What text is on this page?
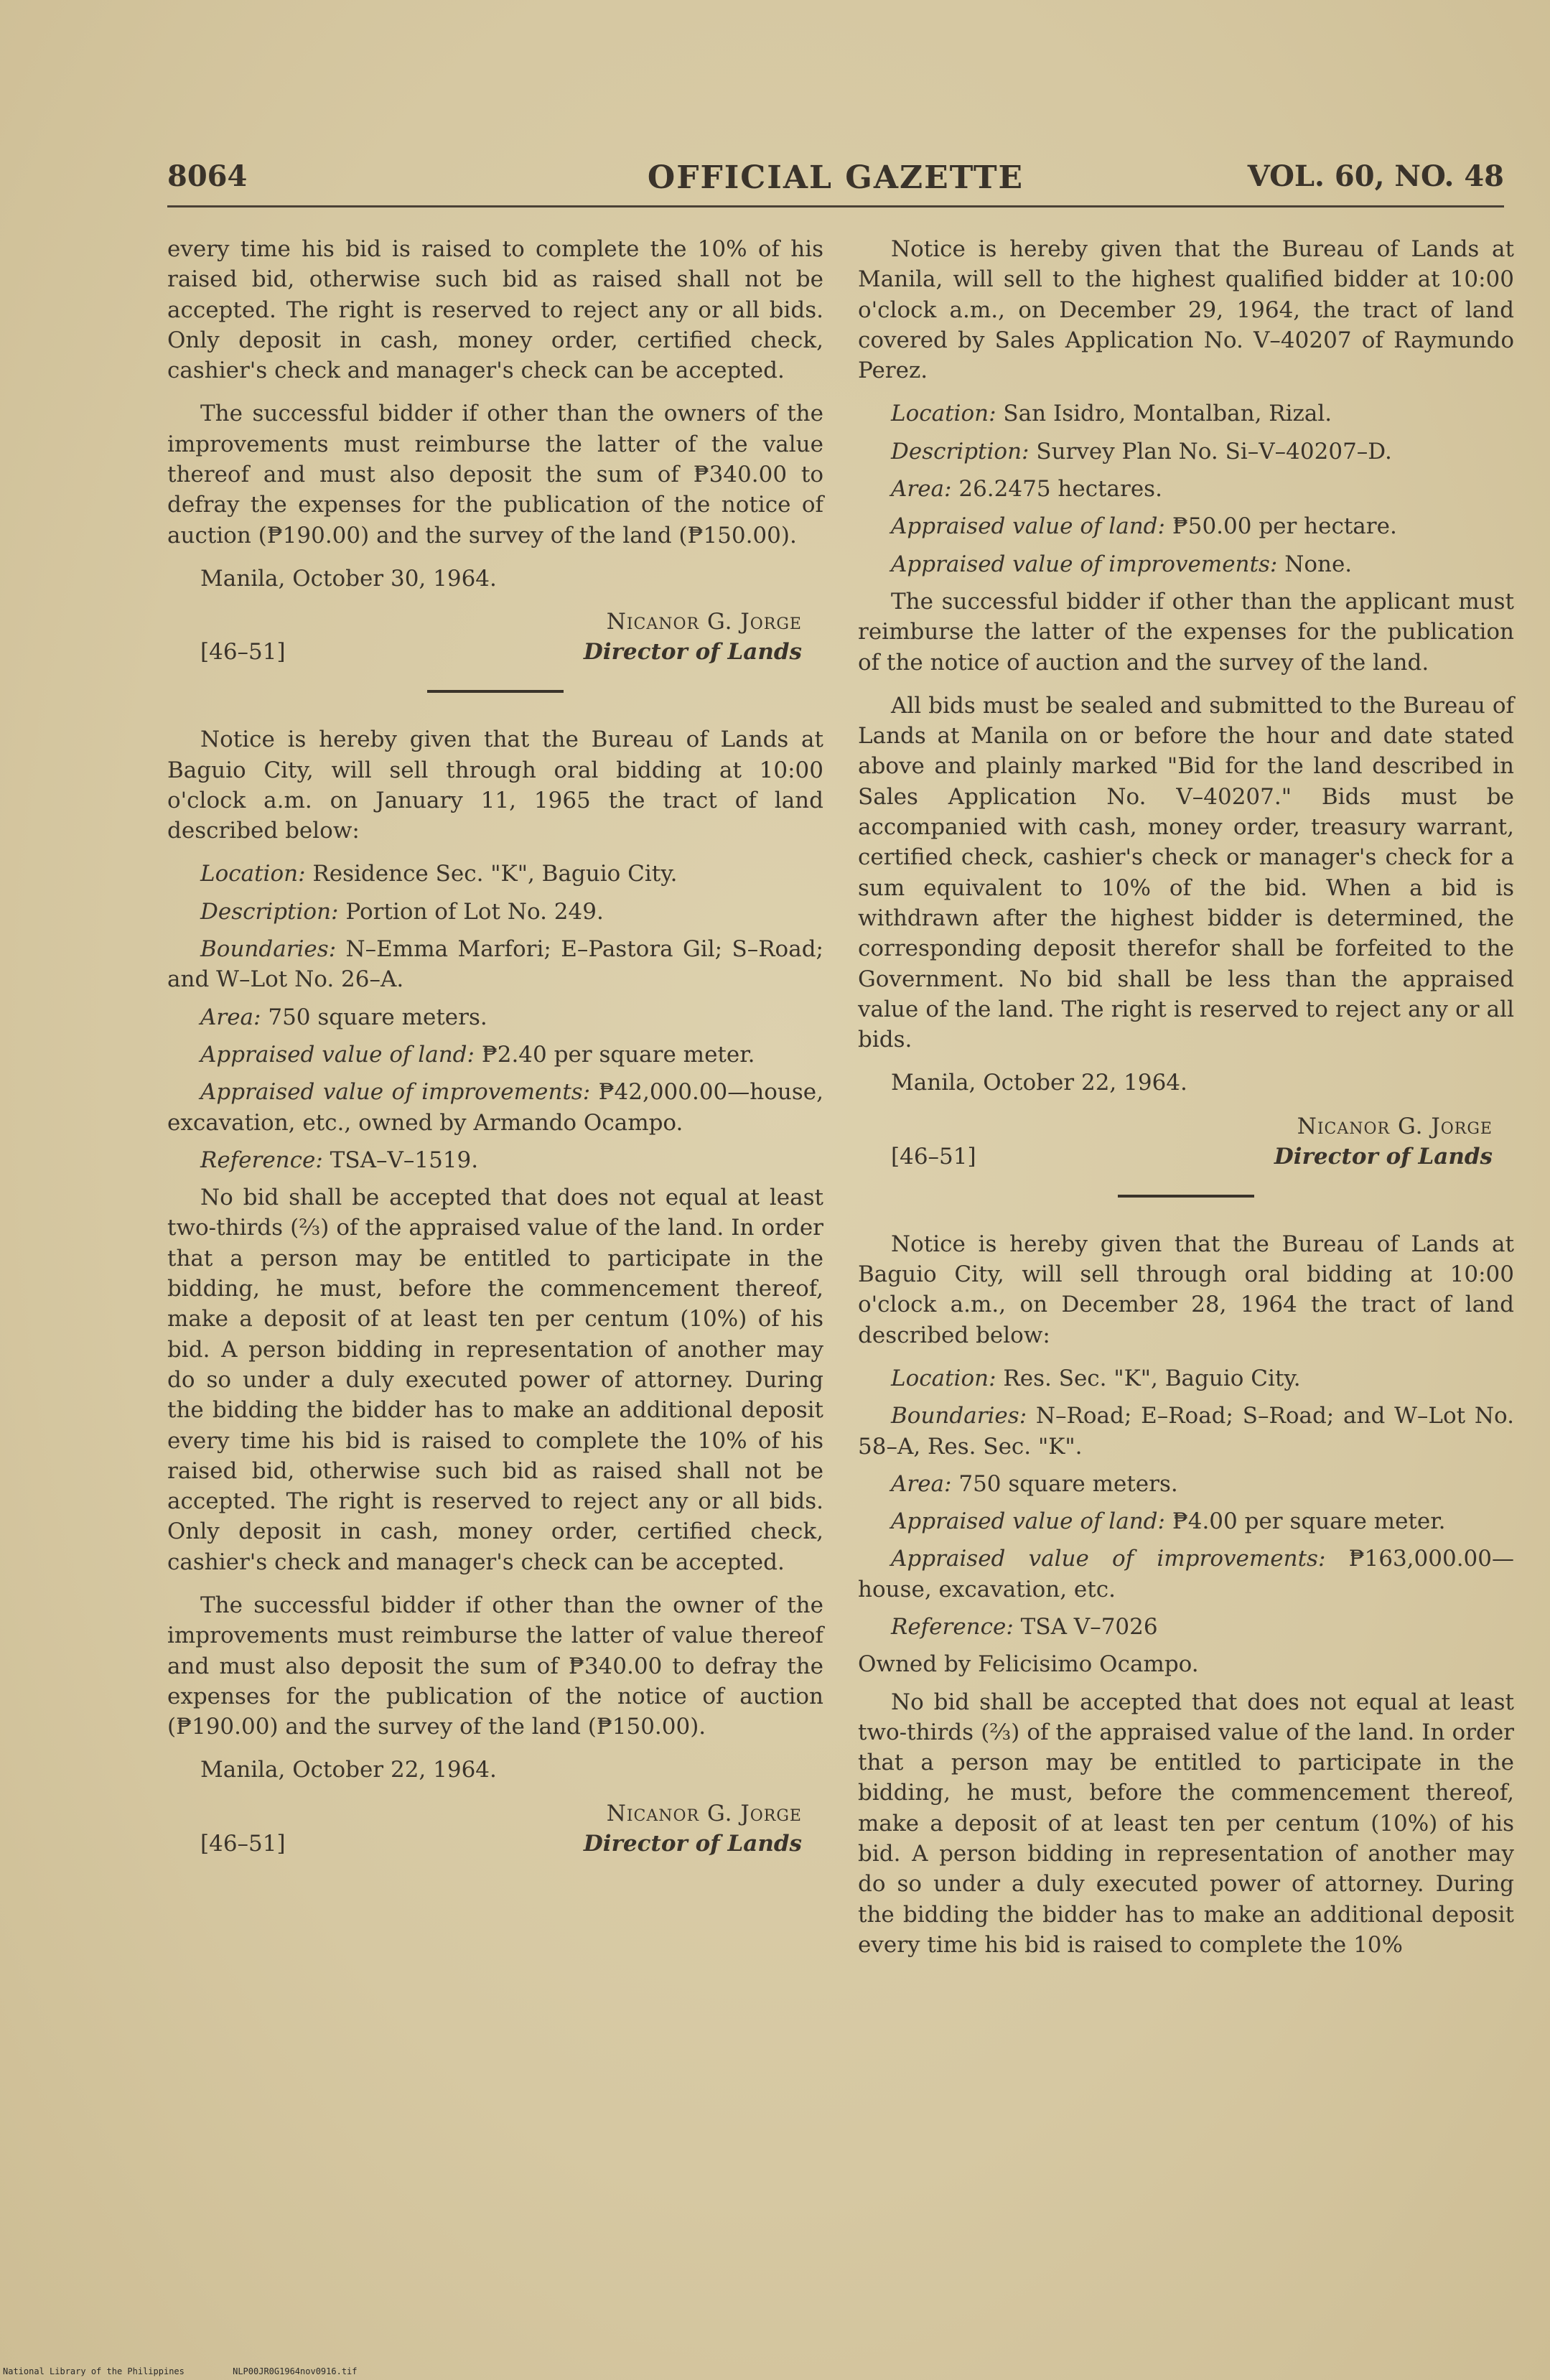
8064	OFFICIAL GAZETTE	VOL. 60, NO. 48

every time his bid is raised to complete the 10% of his raised bid, otherwise such bid as raised shall not be accepted. The right is reserved to reject any or all bids. Only deposit in cash, money order, certified check, cashier's check and manager's check can be accepted.

The successful bidder if other than the owners of the improvements must reimburse the latter of the value thereof and must also deposit the sum of ₱340.00 to defray the expenses for the publication of the notice of auction (₱190.00) and the survey of the land (₱150.00).

Manila, October 30, 1964.

[46–51]
Nicanor G. Jorge
Director of Lands

Notice is hereby given that the Bureau of Lands at Baguio City, will sell through oral bidding at 10:00 o'clock a.m. on January 11, 1965 the tract of land described below:

Location: Residence Sec. "K", Baguio City.

Description: Portion of Lot No. 249.

Boundaries: N–Emma Marfori; E–Pastora Gil; S–Road; and W–Lot No. 26–A.

Area: 750 square meters.

Appraised value of land: ₱2.40 per square meter.

Appraised value of improvements: ₱42,000.00—house, excavation, etc., owned by Armando Ocampo.

Reference: TSA–V–1519.

No bid shall be accepted that does not equal at least two-thirds (⅔) of the appraised value of the land. In order that a person may be entitled to participate in the bidding, he must, before the commencement thereof, make a deposit of at least ten per centum (10%) of his bid. A person bidding in representation of another may do so under a duly executed power of attorney. During the bidding the bidder has to make an additional deposit every time his bid is raised to complete the 10% of his raised bid, otherwise such bid as raised shall not be accepted. The right is reserved to reject any or all bids. Only deposit in cash, money order, certified check, cashier's check and manager's check can be accepted.

The successful bidder if other than the owner of the improvements must reimburse the latter of value thereof and must also deposit the sum of ₱340.00 to defray the expenses for the publication of the notice of auction (₱190.00) and the survey of the land (₱150.00).

Manila, October 22, 1964.

[46–51]
Nicanor G. Jorge
Director of Lands

Notice is hereby given that the Bureau of Lands at Manila, will sell to the highest qualified bidder at 10:00 o'clock a.m., on December 29, 1964, the tract of land covered by Sales Application No. V–40207 of Raymundo Perez.

Location: San Isidro, Montalban, Rizal.

Description: Survey Plan No. Si–V–40207–D.

Area: 26.2475 hectares.

Appraised value of land: ₱50.00 per hectare.

Appraised value of improvements: None.

The successful bidder if other than the applicant must reimburse the latter of the expenses for the publication of the notice of auction and the survey of the land.

All bids must be sealed and submitted to the Bureau of Lands at Manila on or before the hour and date stated above and plainly marked "Bid for the land described in Sales Application No. V–40207." Bids must be accompanied with cash, money order, treasury warrant, certified check, cashier's check or manager's check for a sum equivalent to 10% of the bid. When a bid is withdrawn after the highest bidder is determined, the corresponding deposit therefor shall be forfeited to the Government. No bid shall be less than the appraised value of the land. The right is reserved to reject any or all bids.

Manila, October 22, 1964.

[46–51]
Nicanor G. Jorge
Director of Lands

Notice is hereby given that the Bureau of Lands at Baguio City, will sell through oral bidding at 10:00 o'clock a.m., on December 28, 1964 the tract of land described below:

Location: Res. Sec. "K", Baguio City.

Boundaries: N–Road; E–Road; S–Road; and W–Lot No. 58–A, Res. Sec. "K".

Area: 750 square meters.

Appraised value of land: ₱4.00 per square meter.

Appraised value of improvements: ₱163,000.00—house, excavation, etc.

Reference: TSA V–7026

Owned by Felicisimo Ocampo.

No bid shall be accepted that does not equal at least two-thirds (⅔) of the appraised value of the land. In order that a person may be entitled to participate in the bidding, he must, before the commencement thereof, make a deposit of at least ten per centum (10%) of his bid. A person bidding in representation of another may do so under a duly executed power of attorney. During the bidding the bidder has to make an additional deposit every time his bid is raised to complete the 10%

National Library of the Philippines	NLP00JR0G1964nov0916.tif
